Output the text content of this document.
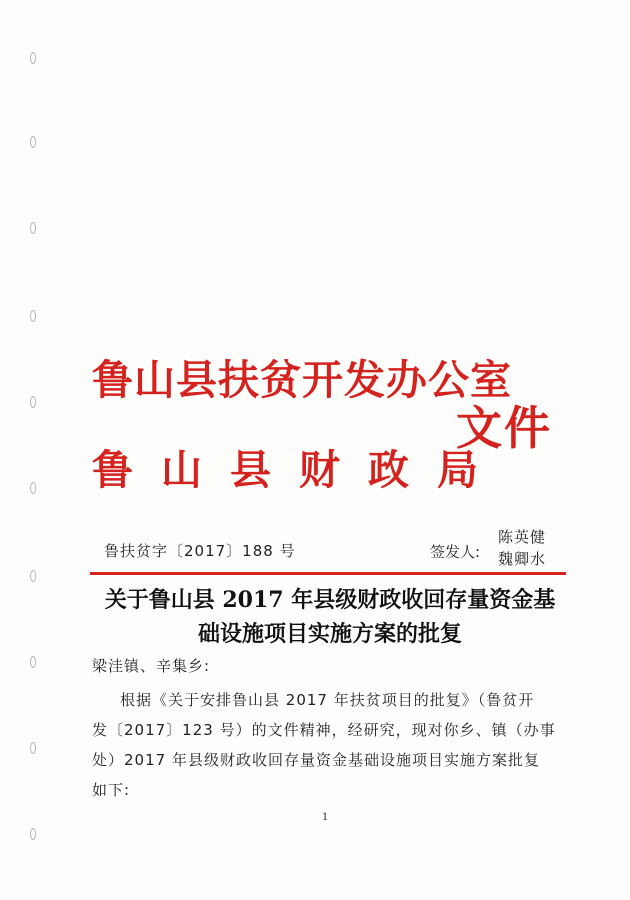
鲁山县扶贫开发办公室
鲁山县财政局
文件
鲁扶贫字〔2017〕188 号	签发人:
陈英健
魏卿水
关于鲁山县 2017 年县级财政收回存量资金基
础设施项目实施方案的批复
梁洼镇、辛集乡:
根据《关于安排鲁山县 2017 年扶贫项目的批复》（鲁贫开
发〔2017〕123 号）的文件精神，经研究，现对你乡、镇（办事
处）2017 年县级财政收回存量资金基础设施项目实施方案批复
如下:
1
